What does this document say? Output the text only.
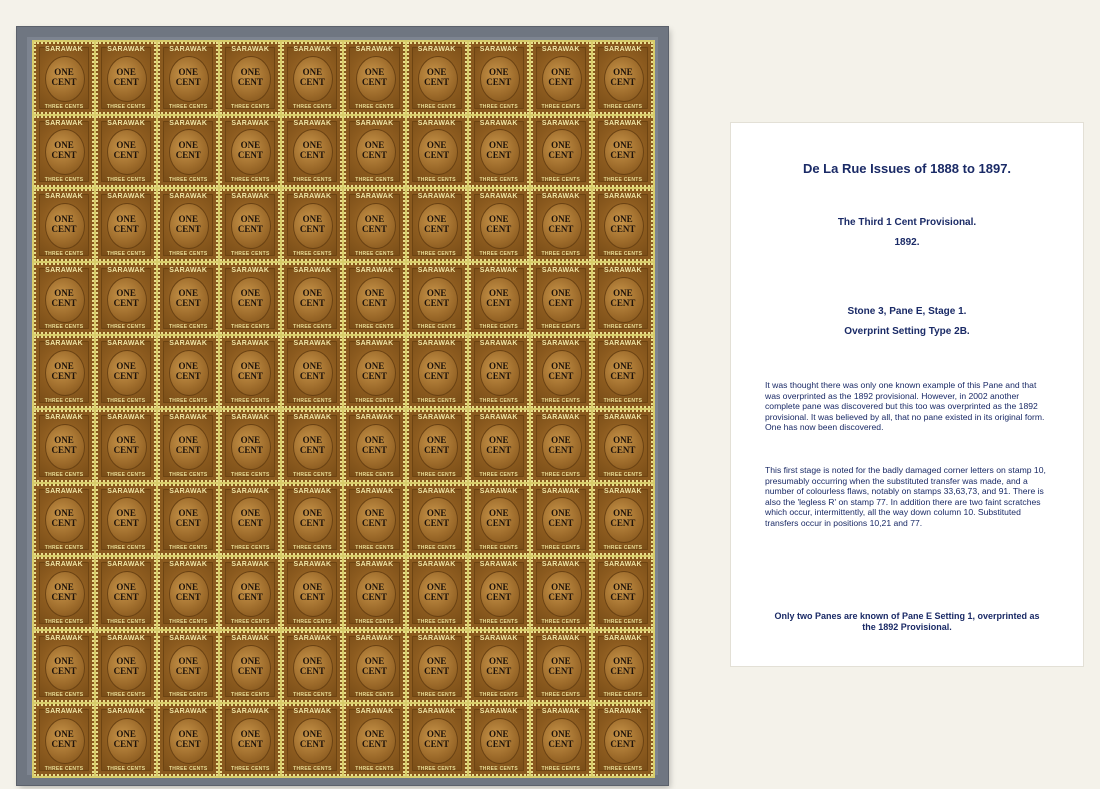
SARAWAK
ONE
CENT
THREE CENTS
SARAWAK
ONE
CENT
THREE CENTS
SARAWAK
ONE
CENT
THREE CENTS
SARAWAK
ONE
CENT
THREE CENTS
SARAWAK
ONE
CENT
THREE CENTS
SARAWAK
ONE
CENT
THREE CENTS
SARAWAK
ONE
CENT
THREE CENTS
SARAWAK
ONE
CENT
THREE CENTS
SARAWAK
ONE
CENT
THREE CENTS
SARAWAK
ONE
CENT
THREE CENTS
SARAWAK
ONE
CENT
THREE CENTS
SARAWAK
ONE
CENT
THREE CENTS
SARAWAK
ONE
CENT
THREE CENTS
SARAWAK
ONE
CENT
THREE CENTS
SARAWAK
ONE
CENT
THREE CENTS
SARAWAK
ONE
CENT
THREE CENTS
SARAWAK
ONE
CENT
THREE CENTS
SARAWAK
ONE
CENT
THREE CENTS
SARAWAK
ONE
CENT
THREE CENTS
SARAWAK
ONE
CENT
THREE CENTS
SARAWAK
ONE
CENT
THREE CENTS
SARAWAK
ONE
CENT
THREE CENTS
SARAWAK
ONE
CENT
THREE CENTS
SARAWAK
ONE
CENT
THREE CENTS
SARAWAK
ONE
CENT
THREE CENTS
SARAWAK
ONE
CENT
THREE CENTS
SARAWAK
ONE
CENT
THREE CENTS
SARAWAK
ONE
CENT
THREE CENTS
SARAWAK
ONE
CENT
THREE CENTS
SARAWAK
ONE
CENT
THREE CENTS
SARAWAK
ONE
CENT
THREE CENTS
SARAWAK
ONE
CENT
THREE CENTS
SARAWAK
ONE
CENT
THREE CENTS
SARAWAK
ONE
CENT
THREE CENTS
SARAWAK
ONE
CENT
THREE CENTS
SARAWAK
ONE
CENT
THREE CENTS
SARAWAK
ONE
CENT
THREE CENTS
SARAWAK
ONE
CENT
THREE CENTS
SARAWAK
ONE
CENT
THREE CENTS
SARAWAK
ONE
CENT
THREE CENTS
SARAWAK
ONE
CENT
THREE CENTS
SARAWAK
ONE
CENT
THREE CENTS
SARAWAK
ONE
CENT
THREE CENTS
SARAWAK
ONE
CENT
THREE CENTS
SARAWAK
ONE
CENT
THREE CENTS
SARAWAK
ONE
CENT
THREE CENTS
SARAWAK
ONE
CENT
THREE CENTS
SARAWAK
ONE
CENT
THREE CENTS
SARAWAK
ONE
CENT
THREE CENTS
SARAWAK
ONE
CENT
THREE CENTS
SARAWAK
ONE
CENT
THREE CENTS
SARAWAK
ONE
CENT
THREE CENTS
SARAWAK
ONE
CENT
THREE CENTS
SARAWAK
ONE
CENT
THREE CENTS
SARAWAK
ONE
CENT
THREE CENTS
SARAWAK
ONE
CENT
THREE CENTS
SARAWAK
ONE
CENT
THREE CENTS
SARAWAK
ONE
CENT
THREE CENTS
SARAWAK
ONE
CENT
THREE CENTS
SARAWAK
ONE
CENT
THREE CENTS
SARAWAK
ONE
CENT
THREE CENTS
SARAWAK
ONE
CENT
THREE CENTS
SARAWAK
ONE
CENT
THREE CENTS
SARAWAK
ONE
CENT
THREE CENTS
SARAWAK
ONE
CENT
THREE CENTS
SARAWAK
ONE
CENT
THREE CENTS
SARAWAK
ONE
CENT
THREE CENTS
SARAWAK
ONE
CENT
THREE CENTS
SARAWAK
ONE
CENT
THREE CENTS
SARAWAK
ONE
CENT
THREE CENTS
SARAWAK
ONE
CENT
THREE CENTS
SARAWAK
ONE
CENT
THREE CENTS
SARAWAK
ONE
CENT
THREE CENTS
SARAWAK
ONE
CENT
THREE CENTS
SARAWAK
ONE
CENT
THREE CENTS
SARAWAK
ONE
CENT
THREE CENTS
SARAWAK
ONE
CENT
THREE CENTS
SARAWAK
ONE
CENT
THREE CENTS
SARAWAK
ONE
CENT
THREE CENTS
SARAWAK
ONE
CENT
THREE CENTS
SARAWAK
ONE
CENT
THREE CENTS
SARAWAK
ONE
CENT
THREE CENTS
SARAWAK
ONE
CENT
THREE CENTS
SARAWAK
ONE
CENT
THREE CENTS
SARAWAK
ONE
CENT
THREE CENTS
SARAWAK
ONE
CENT
THREE CENTS
SARAWAK
ONE
CENT
THREE CENTS
SARAWAK
ONE
CENT
THREE CENTS
SARAWAK
ONE
CENT
THREE CENTS
SARAWAK
ONE
CENT
THREE CENTS
SARAWAK
ONE
CENT
THREE CENTS
SARAWAK
ONE
CENT
THREE CENTS
SARAWAK
ONE
CENT
THREE CENTS
SARAWAK
ONE
CENT
THREE CENTS
SARAWAK
ONE
CENT
THREE CENTS
SARAWAK
ONE
CENT
THREE CENTS
SARAWAK
ONE
CENT
THREE CENTS
SARAWAK
ONE
CENT
THREE CENTS
SARAWAK
ONE
CENT
THREE CENTS
SARAWAK
ONE
CENT
THREE CENTS
De La Rue Issues of 1888 to 1897.
The Third 1 Cent Provisional.
1892.
Stone 3, Pane E, Stage 1.
Overprint Setting Type 2B.
It was thought there was only one known example of this Pane and that was overprinted as the 1892 provisional. However, in 2002 another complete pane was discovered but this too was overprinted as the 1892 provisional. It was believed by all, that no pane existed in its original form. One has now been discovered.
This first stage is noted for the badly damaged corner letters on stamp 10, presumably occurring when the substituted transfer was made, and a number of colourless flaws, notably on stamps 33,63,73, and 91. There is also the 'legless R' on stamp 77. In addition there are two faint scratches which occur, intermittently, all the way down column 10. Substituted transfers occur in positions 10,21 and 77.
Only two Panes are known of Pane E Setting 1, overprinted as the 1892 Provisional.
